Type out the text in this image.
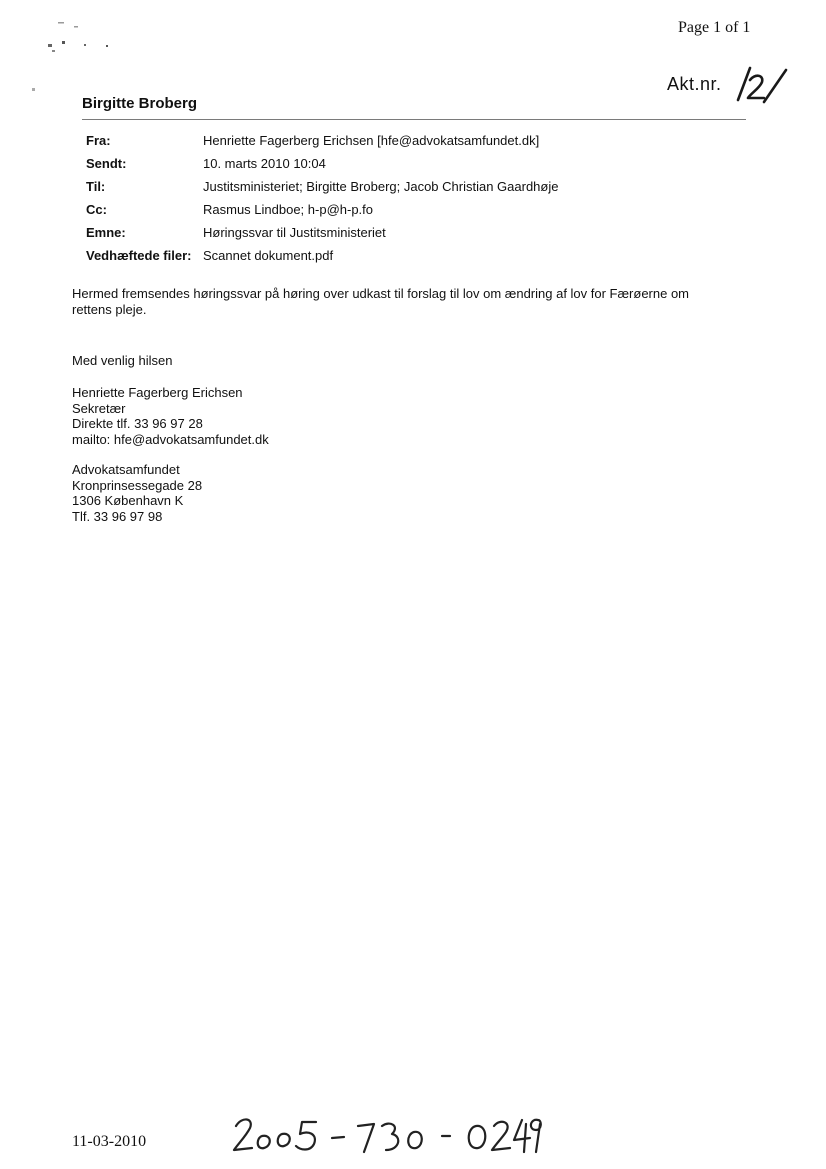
Page 1 of 1
Akt.nr.
Birgitte Broberg
Fra:	Henriette Fagerberg Erichsen [hfe@advokatsamfundet.dk]
Sendt:	10. marts 2010 10:04
Til:	Justitsministeriet; Birgitte Broberg; Jacob Christian Gaardhøje
Cc:	Rasmus Lindboe; h-p@h-p.fo
Emne:	Høringssvar til Justitsministeriet
Vedhæftede filer: Scannet dokument.pdf
Hermed fremsendes høringssvar på høring over udkast til forslag til lov om ændring af lov for Færøerne om
rettens pleje.
Med venlig hilsen
Henriette Fagerberg Erichsen
Sekretær
Direkte tlf. 33 96 97 28
mailto: hfe@advokatsamfundet.dk
Advokatsamfundet
Kronprinsessegade 28
1306 København K
Tlf. 33 96 97 98
11-03-2010
